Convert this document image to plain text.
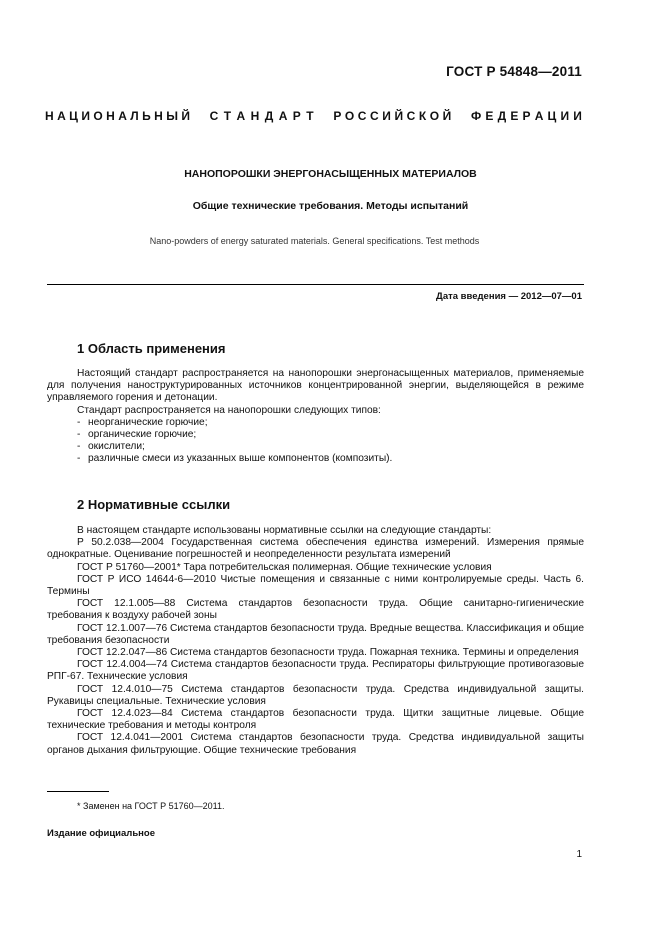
ГОСТ Р 54848—2011
Н А Ц И О Н А Л Ь Н Ы Й С Т А Н Д А Р Т Р О С С И Й С К О Й Ф Е Д Е Р А Ц И И
НАНОПОРОШКИ ЭНЕРГОНАСЫЩЕННЫХ МАТЕРИАЛОВ
Общие технические требования. Методы испытаний
Nano-powders of energy saturated materials. General specifications. Test methods
Дата введения — 2012—07—01
1 Область применения

Настоящий стандарт распространяется на нанопорошки энергонасыщенных материалов, применяемые для получения наноструктурированных источников концентрированной энергии, выделяющейся в режиме управляемого горения и детонации.

Стандарт распространяется на нанопорошки следующих типов:

- неорганические горючие;
- органические горючие;
- окислители;
- различные смеси из указанных выше компонентов (композиты).
2 Нормативные ссылки

В настоящем стандарте использованы нормативные ссылки на следующие стандарты:

Р 50.2.038—2004 Государственная система обеспечения единства измерений. Измерения прямые однократные. Оценивание погрешностей и неопределенности результата измерений

ГОСТ Р 51760—2001* Тара потребительская полимерная. Общие технические условия

ГОСТ Р ИСО 14644-6—2010 Чистые помещения и связанные с ними контролируемые среды. Часть 6. Термины

ГОСТ 12.1.005—88 Система стандартов безопасности труда. Общие санитарно-гигиенические требования к воздуху рабочей зоны

ГОСТ 12.1.007—76 Система стандартов безопасности труда. Вредные вещества. Классификация и общие требования безопасности

ГОСТ 12.2.047—86 Система стандартов безопасности труда. Пожарная техника. Термины и определения

ГОСТ 12.4.004—74 Система стандартов безопасности труда. Респираторы фильтрующие противогазовые РПГ-67. Технические условия

ГОСТ 12.4.010—75 Система стандартов безопасности труда. Средства индивидуальной защиты. Рукавицы специальные. Технические условия

ГОСТ 12.4.023—84 Система стандартов безопасности труда. Щитки защитные лицевые. Общие технические требования и методы контроля

ГОСТ 12.4.041—2001 Система стандартов безопасности труда. Средства индивидуальной защиты органов дыхания фильтрующие. Общие технические требования

* Заменен на ГОСТ Р 51760—2011.
Издание официальное
1
